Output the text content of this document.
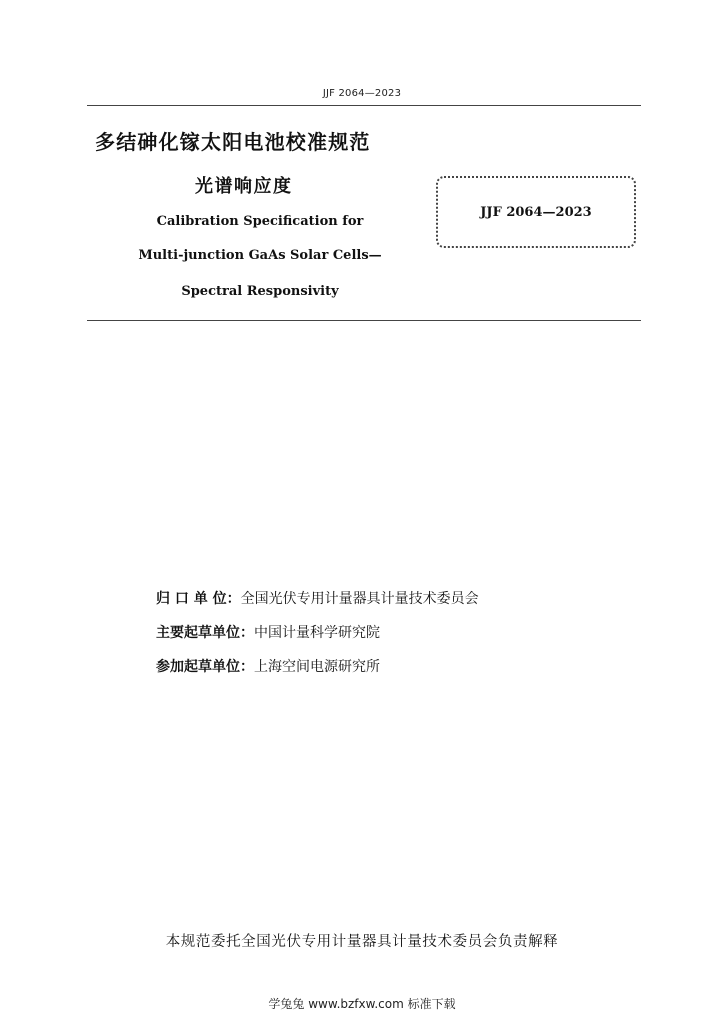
JJF 2064—2023
多结砷化镓太阳电池校准规范
光谱响应度
Calibration Specification for
Multi-junction GaAs Solar Cells—
Spectral Responsivity
JJF 2064—2023
归 口 单 位：全国光伏专用计量器具计量技术委员会
主要起草单位：中国计量科学研究院
参加起草单位：上海空间电源研究所
本规范委托全国光伏专用计量器具计量技术委员会负责解释
学兔兔 www.bzfxw.com 标准下载
